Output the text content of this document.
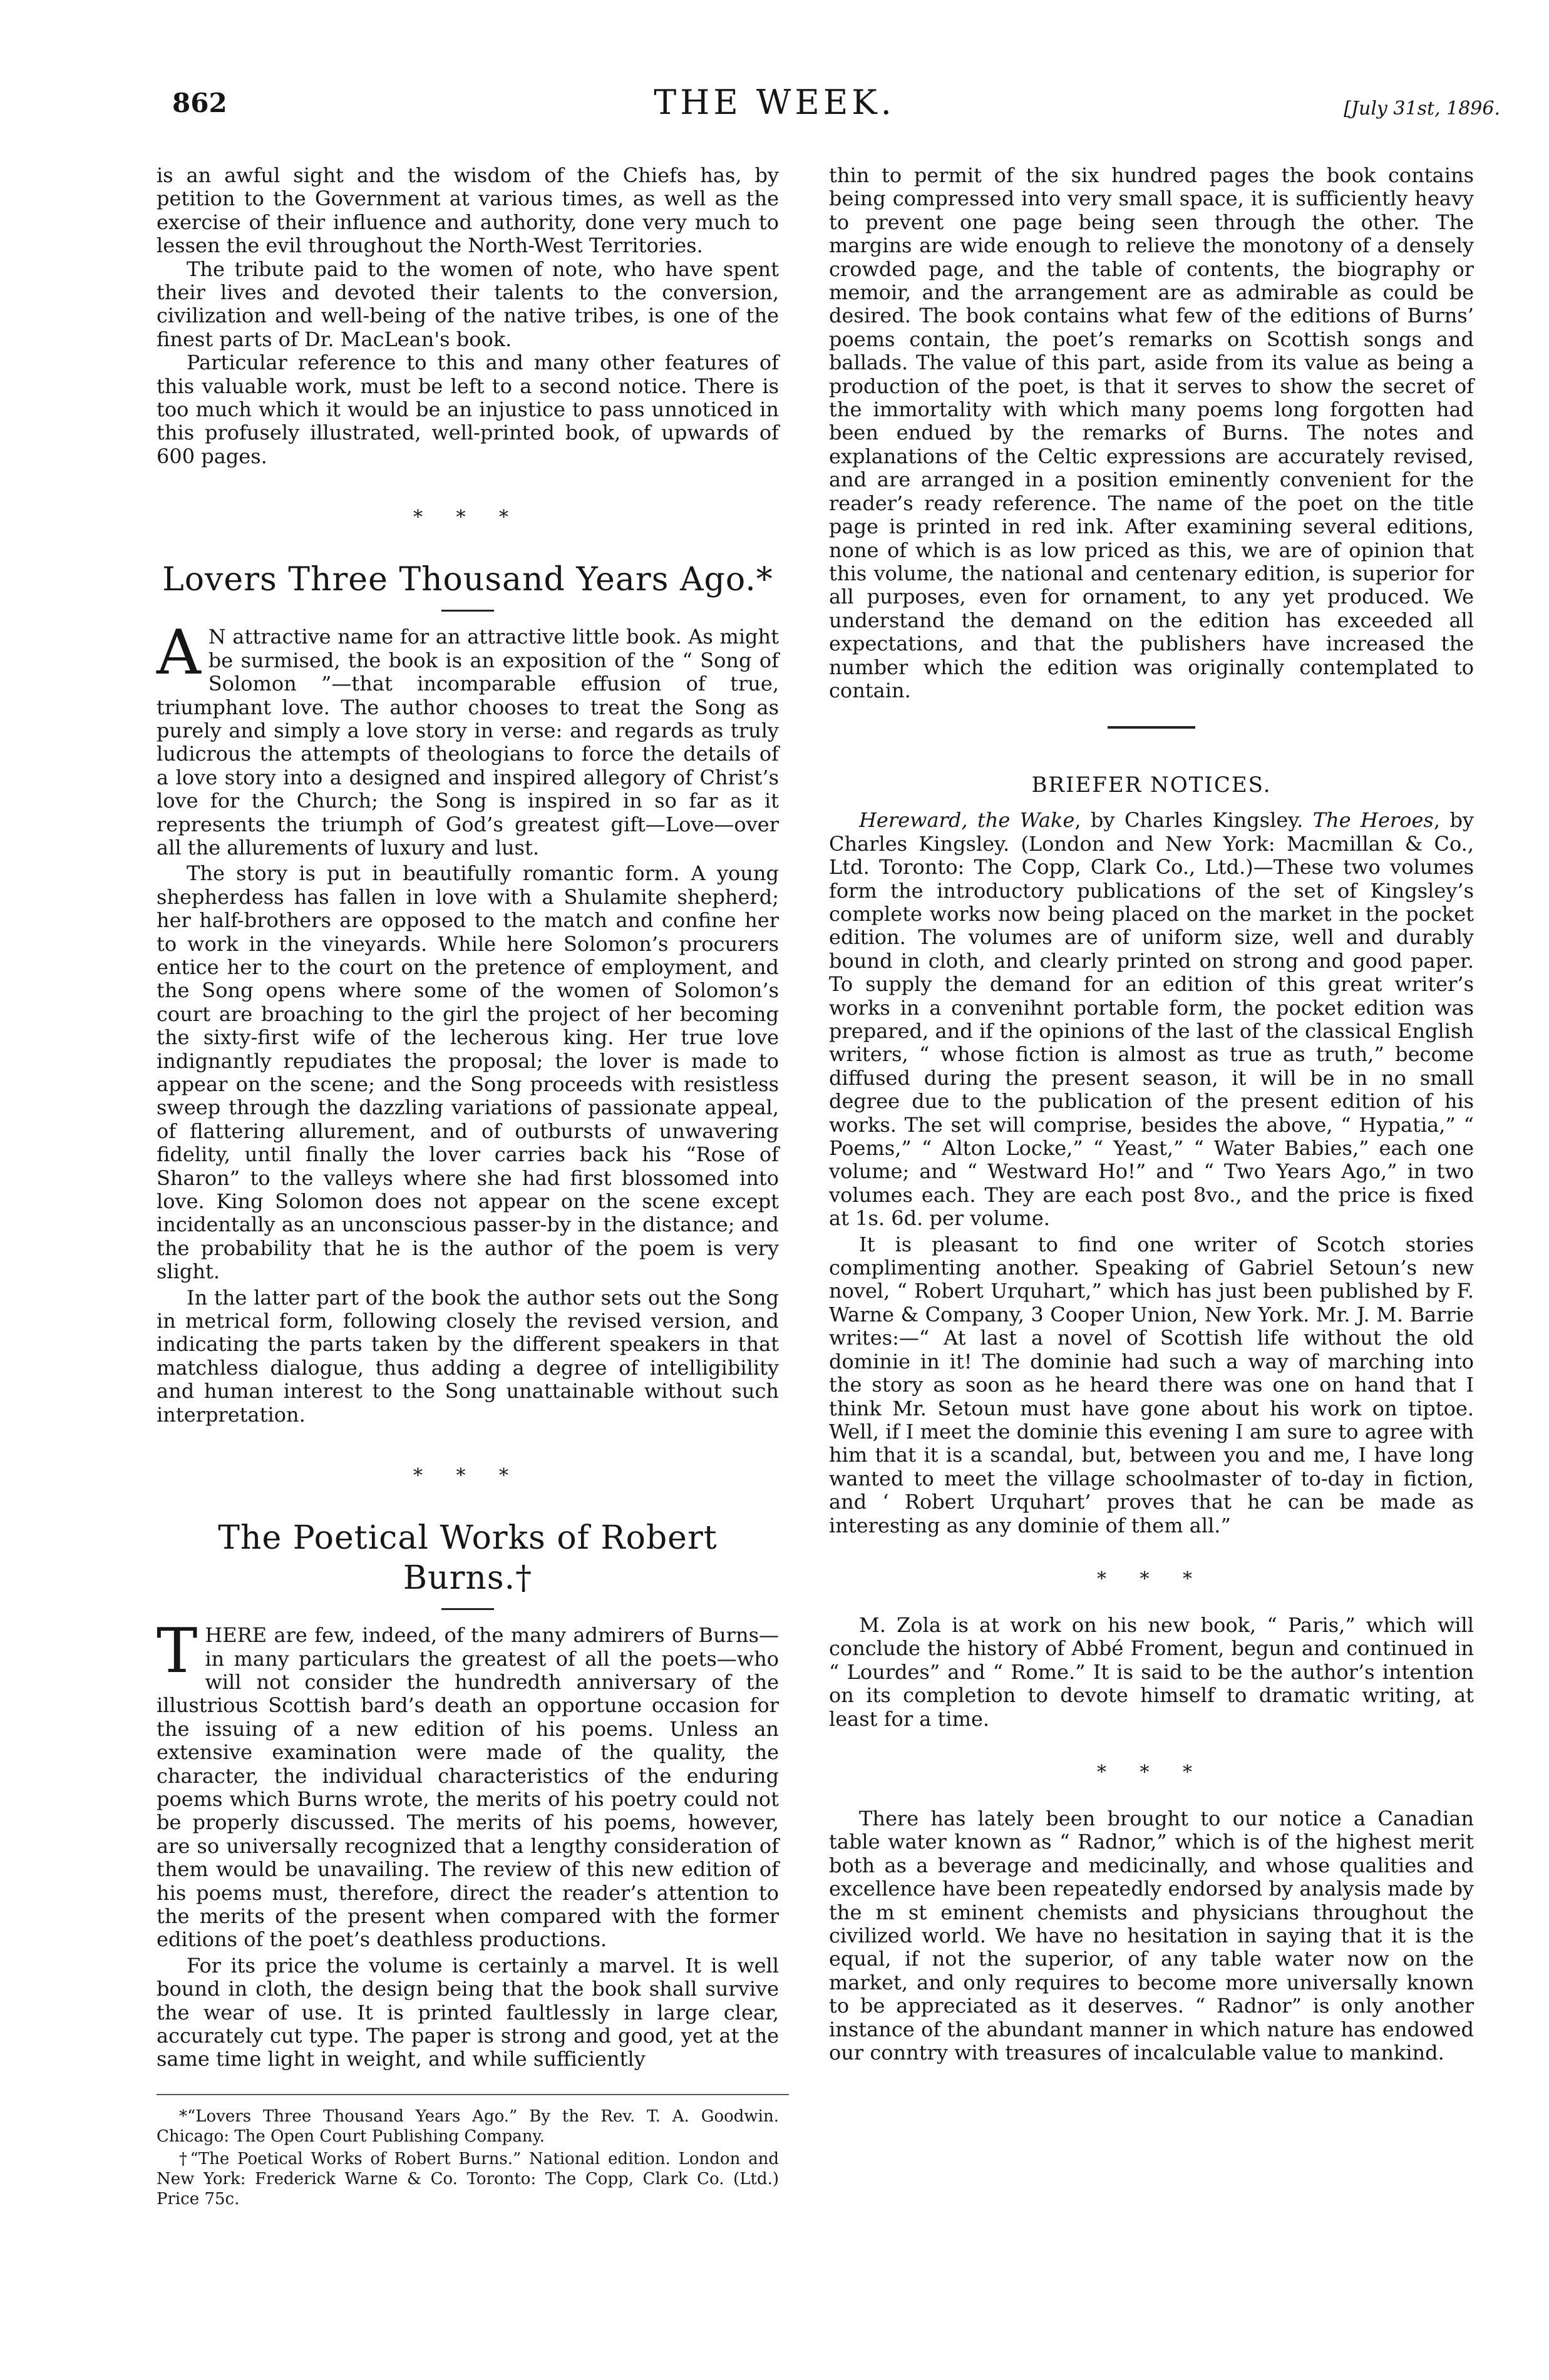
862	THE WEEK.	[July 31st, 1896.

is an awful sight and the wisdom of the Chiefs has, by petition to the Government at various times, as well as the exercise of their influence and authority, done very much to lessen the evil throughout the North-West Territories.

The tribute paid to the women of note, who have spent their lives and devoted their talents to the conversion, civilization and well-being of the native tribes, is one of the finest parts of Dr. MacLean's book.

Particular reference to this and many other features of this valuable work, must be left to a second notice. There is too much which it would be an injustice to pass unnoticed in this profusely illustrated, well-printed book, of upwards of 600 pages.

* * *
Lovers Three Thousand Years Ago.*

A N attractive name for an attractive little book. As might be surmised, the book is an exposition of the “ Song of Solomon ”—that incomparable effusion of true, triumphant love. The author chooses to treat the Song as purely and simply a love story in verse: and regards as truly ludicrous the attempts of theologians to force the details of a love story into a designed and inspired allegory of Christ’s love for the Church; the Song is inspired in so far as it represents the triumph of God’s greatest gift—Love—over all the allurements of luxury and lust.

The story is put in beautifully romantic form. A young shepherdess has fallen in love with a Shulamite shepherd; her half-brothers are opposed to the match and confine her to work in the vineyards. While here Solomon’s procurers entice her to the court on the pretence of employment, and the Song opens where some of the women of Solomon’s court are broaching to the girl the project of her becoming the sixty-first wife of the lecherous king. Her true love indignantly repudiates the proposal; the lover is made to appear on the scene; and the Song proceeds with resistless sweep through the dazzling variations of passionate appeal, of flattering allurement, and of outbursts of unwavering fidelity, until finally the lover carries back his “Rose of Sharon” to the valleys where she had first blossomed into love. King Solomon does not appear on the scene except incidentally as an unconscious passer-by in the distance; and the probability that he is the author of the poem is very slight.

In the latter part of the book the author sets out the Song in metrical form, following closely the revised version, and indicating the parts taken by the different speakers in that matchless dialogue, thus adding a degree of intelligibility and human interest to the Song unattainable without such interpretation.

* * *
The Poetical Works of Robert Burns.†

THERE are few, indeed, of the many admirers of Burns—in many particulars the greatest of all the poets—who will not consider the hundredth anniversary of the illustrious Scottish bard’s death an opportune occasion for the issuing of a new edition of his poems. Unless an extensive examination were made of the quality, the character, the individual characteristics of the enduring poems which Burns wrote, the merits of his poetry could not be properly discussed. The merits of his poems, however, are so universally recognized that a lengthy consideration of them would be unavailing. The review of this new edition of his poems must, therefore, direct the reader’s attention to the merits of the present when compared with the former editions of the poet’s deathless productions.

For its price the volume is certainly a marvel. It is well bound in cloth, the design being that the book shall survive the wear of use. It is printed faultlessly in large clear, accurately cut type. The paper is strong and good, yet at the same time light in weight, and while sufficiently

*“Lovers Three Thousand Years Ago.” By the Rev. T. A. Goodwin. Chicago: The Open Court Publishing Company.

†“The Poetical Works of Robert Burns.” National edition. London and New York: Frederick Warne & Co. Toronto: The Copp, Clark Co. (Ltd.) Price 75c.

thin to permit of the six hundred pages the book contains being compressed into very small space, it is sufficiently heavy to prevent one page being seen through the other. The margins are wide enough to relieve the monotony of a densely crowded page, and the table of contents, the biography or memoir, and the arrangement are as admirable as could be desired. The book contains what few of the editions of Burns’ poems contain, the poet’s remarks on Scottish songs and ballads. The value of this part, aside from its value as being a production of the poet, is that it serves to show the secret of the immortality with which many poems long forgotten had been endued by the remarks of Burns. The notes and explanations of the Celtic expressions are accurately revised, and are arranged in a position eminently convenient for the reader’s ready reference. The name of the poet on the title page is printed in red ink. After examining several editions, none of which is as low priced as this, we are of opinion that this volume, the national and centenary edition, is superior for all purposes, even for ornament, to any yet produced. We understand the demand on the edition has exceeded all expectations, and that the publishers have increased the number which the edition was originally contemplated to contain.

BRIEFER NOTICES.

Hereward, the Wake, by Charles Kingsley. The Heroes, by Charles Kingsley. (London and New York: Macmillan & Co., Ltd. Toronto: The Copp, Clark Co., Ltd.)—These two volumes form the introductory publications of the set of Kingsley’s complete works now being placed on the market in the pocket edition. The volumes are of uniform size, well and durably bound in cloth, and clearly printed on strong and good paper. To supply the demand for an edition of this great writer’s works in a convenihnt portable form, the pocket edition was prepared, and if the opinions of the last of the classical English writers, “ whose fiction is almost as true as truth,” become diffused during the present season, it will be in no small degree due to the publication of the present edition of his works. The set will comprise, besides the above, “ Hypatia,” “ Poems,” “ Alton Locke,” “ Yeast,” “ Water Babies,” each one volume; and “ Westward Ho!” and “ Two Years Ago,” in two volumes each. They are each post 8vo., and the price is fixed at 1s. 6d. per volume.

It is pleasant to find one writer of Scotch stories complimenting another. Speaking of Gabriel Setoun’s new novel, “ Robert Urquhart,” which has just been published by F. Warne & Company, 3 Cooper Union, New York. Mr. J. M. Barrie writes:—“ At last a novel of Scottish life without the old dominie in it! The dominie had such a way of marching into the story as soon as he heard there was one on hand that I think Mr. Setoun must have gone about his work on tiptoe. Well, if I meet the dominie this evening I am sure to agree with him that it is a scandal, but, between you and me, I have long wanted to meet the village schoolmaster of to-day in fiction, and ‘ Robert Urquhart’ proves that he can be made as interesting as any dominie of them all.”

* * *

M. Zola is at work on his new book, “ Paris,” which will conclude the history of Abbé Froment, begun and continued in “ Lourdes” and “ Rome.” It is said to be the author’s intention on its completion to devote himself to dramatic writing, at least for a time.

* * *

There has lately been brought to our notice a Canadian table water known as “ Radnor,” which is of the highest merit both as a beverage and medicinally, and whose qualities and excellence have been repeatedly endorsed by analysis made by the m st eminent chemists and physicians throughout the civilized world. We have no hesitation in saying that it is the equal, if not the superior, of any table water now on the market, and only requires to become more universally known to be appreciated as it deserves. “ Radnor” is only another instance of the abundant manner in which nature has endowed our conntry with treasures of incalculable value to mankind.
